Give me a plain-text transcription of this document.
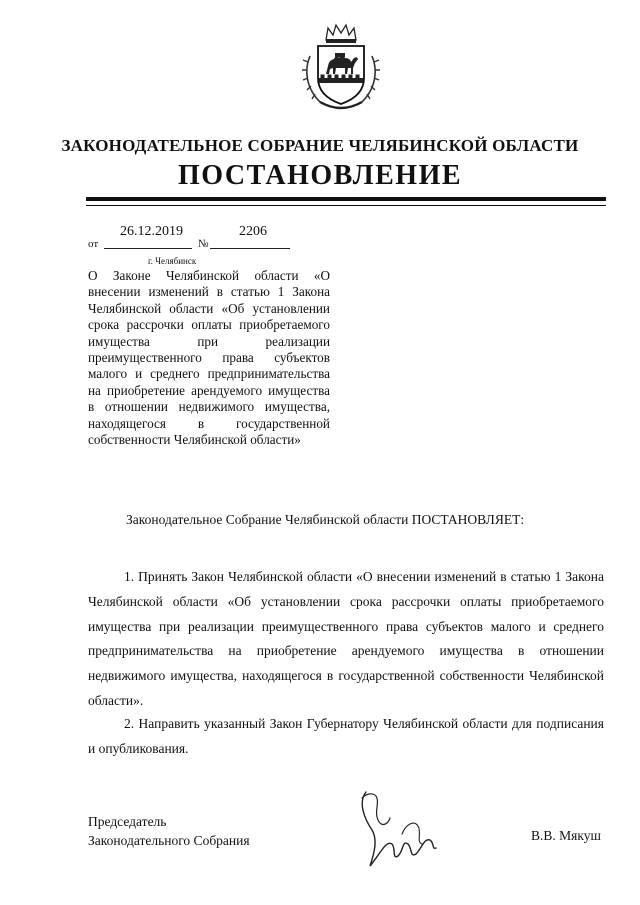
ЗАКОНОДАТЕЛЬНОЕ СОБРАНИЕ ЧЕЛЯБИНСКОЙ ОБЛАСТИ
ПОСТАНОВЛЕНИЕ
от
26.12.2019
№
2206
г. Челябинск
О Законе Челябинской области «О внесении изменений в статью 1 Закона Челябинской области «Об установлении срока рассрочки оплаты приобретаемого имущества при реализации преимущественного права субъектов малого и среднего предпринимательства на приобретение арендуемого имущества в отношении недвижимого имущества, находящегося в государственной собственности Челябинской области»
Законодательное Собрание Челябинской области ПОСТАНОВЛЯЕТ:

1. Принять Закон Челябинской области «О внесении изменений в статью 1 Закона Челябинской области «Об установлении срока рассрочки оплаты приобретаемого имущества при реализации преимущественного права субъектов малого и среднего предпринимательства на приобретение арендуемого имущества в отношении недвижимого имущества, находящегося в государственной собственности Челябинской области».

2. Направить указанный Закон Губернатору Челябинской области для подписания и опубликования.

Председатель
Законодательного Собрания	В.В. Мякуш
